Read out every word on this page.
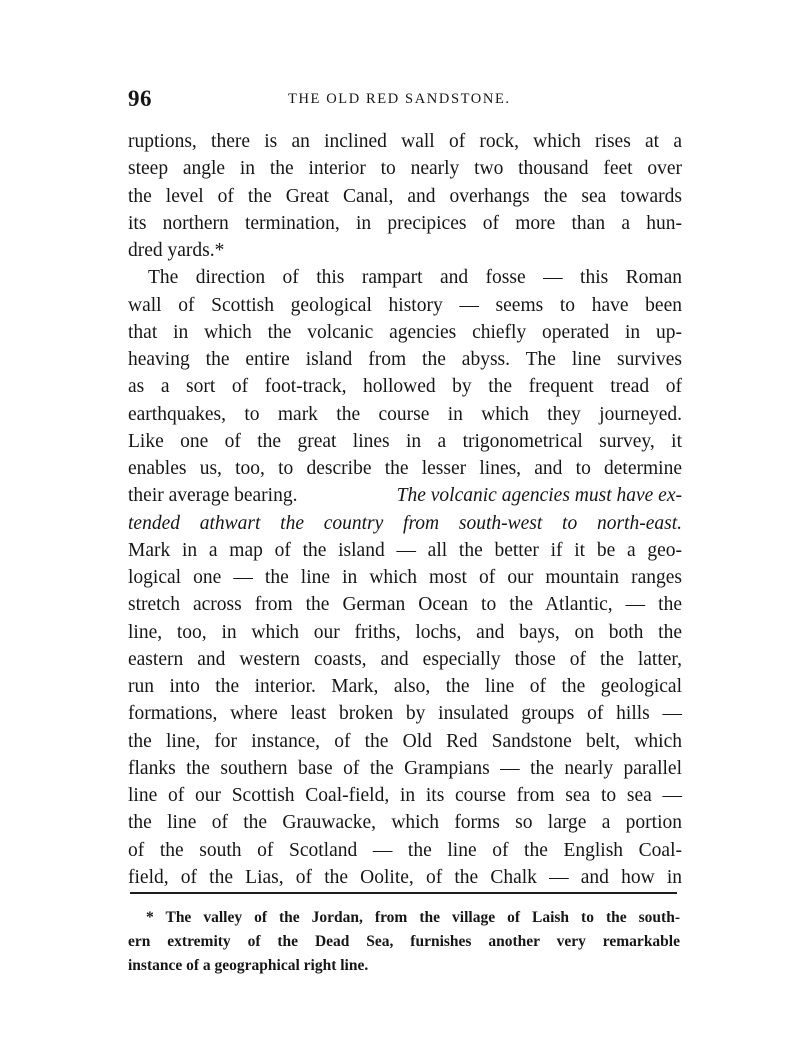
96	THE OLD RED SANDSTONE.
ruptions, there is an inclined wall of rock, which rises at a
steep angle in the interior to nearly two thousand feet over
the level of the Great Canal, and overhangs the sea towards
its northern termination, in precipices of more than a hun-
dred yards.*
The direction of this rampart and fosse — this Roman
wall of Scottish geological history — seems to have been
that in which the volcanic agencies chiefly operated in up-
heaving the entire island from the abyss. The line survives
as a sort of foot-track, hollowed by the frequent tread of
earthquakes, to mark the course in which they journeyed.
Like one of the great lines in a trigonometrical survey, it
enables us, too, to describe the lesser lines, and to determine
their average bearing.	The volcanic agencies must have ex-
tended athwart the country from south-west to north-east.
Mark in a map of the island — all the better if it be a geo-
logical one — the line in which most of our mountain ranges
stretch across from the German Ocean to the Atlantic, — the
line, too, in which our friths, lochs, and bays, on both the
eastern and western coasts, and especially those of the latter,
run into the interior. Mark, also, the line of the geological
formations, where least broken by insulated groups of hills —
the line, for instance, of the Old Red Sandstone belt, which
flanks the southern base of the Grampians — the nearly parallel
line of our Scottish Coal-field, in its course from sea to sea —
the line of the Grauwacke, which forms so large a portion
of the south of Scotland — the line of the English Coal-
field, of the Lias, of the Oolite, of the Chalk — and how in
* The valley of the Jordan, from the village of Laish to the south-
ern extremity of the Dead Sea, furnishes another very remarkable
instance of a geographical right line.
